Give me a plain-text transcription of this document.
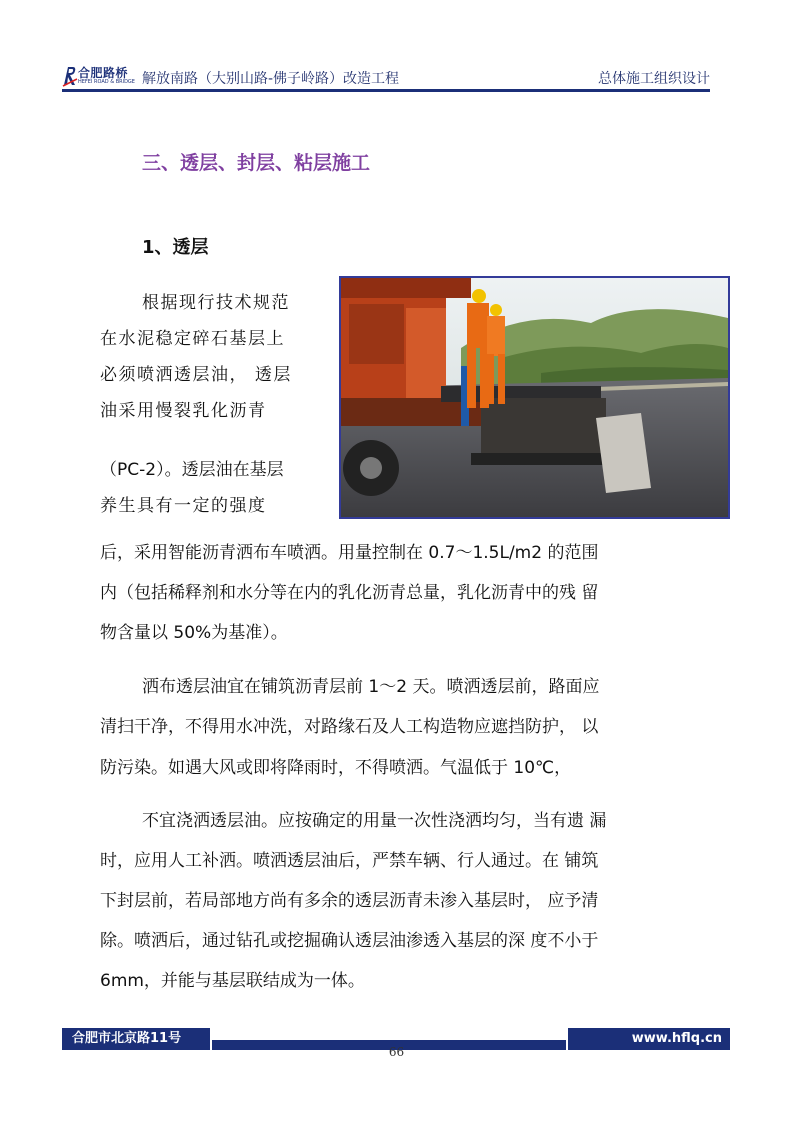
合肥路桥
HEFEI ROAD & BRIDGE 解放南路（大别山路-佛子岭路）改造工程	总体施工组织设计
三、透层、封层、粘层施工
1、透层
根据现行技术规范
在水泥稳定碎石基层上
必须喷洒透层油， 透层
油采用慢裂乳化沥青
（PC-2）。透层油在基层
养生具有一定的强度
后，采用智能沥青洒布车喷洒。用量控制在 0.7～1.5L/m2 的范围
内（包括稀释剂和水分等在内的乳化沥青总量，乳化沥青中的残 留
物含量以 50%为基准）。
洒布透层油宜在铺筑沥青层前 1～2 天。喷洒透层前，路面应
清扫干净，不得用水冲洗，对路缘石及人工构造物应遮挡防护， 以
防污染。如遇大风或即将降雨时，不得喷洒。气温低于 10℃，
不宜浇洒透层油。应按确定的用量一次性浇洒均匀，当有遗 漏
时，应用人工补洒。喷洒透层油后，严禁车辆、行人通过。在 铺筑
下封层前，若局部地方尚有多余的透层沥青未渗入基层时， 应予清
除。喷洒后，通过钻孔或挖掘确认透层油渗透入基层的深 度不小于
6mm，并能与基层联结成为一体。
合肥市北京路11号	www.hflq.cn
66
